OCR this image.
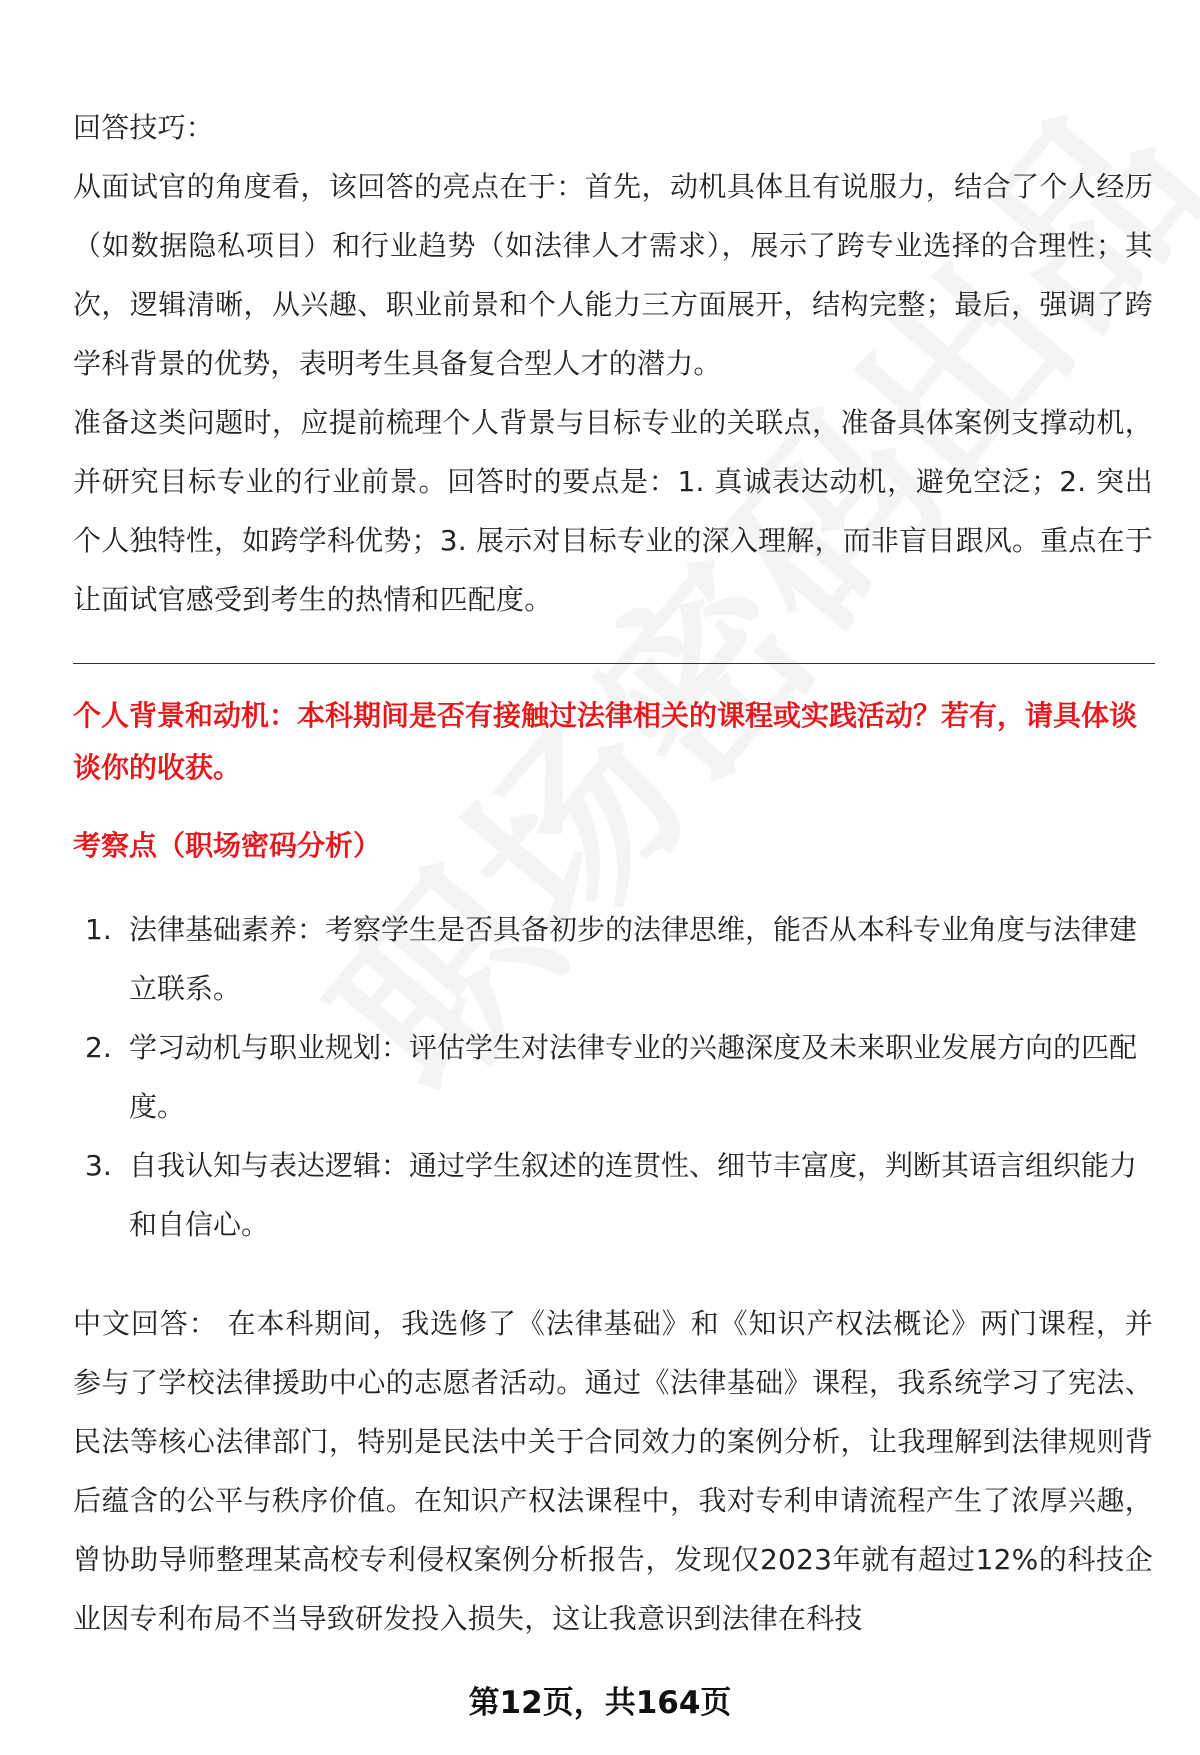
回答技巧：

从面试官的角度看，该回答的亮点在于：首先，动机具体且有说服力，结合了个人经历（如数据隐私项目）和行业趋势（如法律人才需求），展示了跨专业选择的合理性；其次，逻辑清晰，从兴趣、职业前景和个人能力三方面展开，结构完整；最后，强调了跨学科背景的优势，表明考生具备复合型人才的潜力。

准备这类问题时，应提前梳理个人背景与目标专业的关联点，准备具体案例支撑动机，并研究目标专业的行业前景。回答时的要点是：1. 真诚表达动机，避免空泛；2. 突出个人独特性，如跨学科优势；3. 展示对目标专业的深入理解，而非盲目跟风。重点在于让面试官感受到考生的热情和匹配度。

个人背景和动机：本科期间是否有接触过法律相关的课程或实践活动？若有，请具体谈谈你的收获。

考察点（职场密码分析）

1. 法律基础素养：考察学生是否具备初步的法律思维，能否从本科专业角度与法律建立联系。
2. 学习动机与职业规划：评估学生对法律专业的兴趣深度及未来职业发展方向的匹配度。
3. 自我认知与表达逻辑：通过学生叙述的连贯性、细节丰富度，判断其语言组织能力和自信心。

中文回答： 在本科期间，我选修了《法律基础》和《知识产权法概论》两门课程，并参与了学校法律援助中心的志愿者活动。通过《法律基础》课程，我系统学习了宪法、民法等核心法律部门，特别是民法中关于合同效力的案例分析，让我理解到法律规则背后蕴含的公平与秩序价值。在知识产权法课程中，我对专利申请流程产生了浓厚兴趣，曾协助导师整理某高校专利侵权案例分析报告，发现仅2023年就有超过12%的科技企业因专利布局不当导致研发投入损失，这让我意识到法律在科技

第12页，共164页
